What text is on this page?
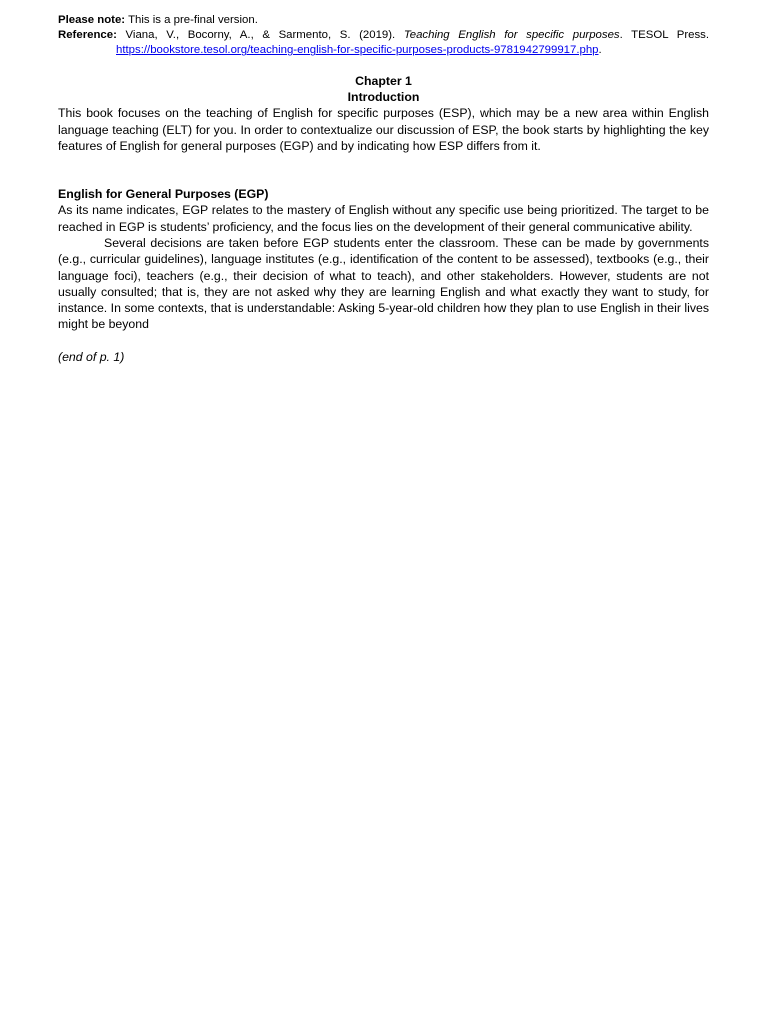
Please note: This is a pre-final version.
Reference: Viana, V., Bocorny, A., & Sarmento, S. (2019). Teaching English for specific purposes. TESOL Press. https://bookstore.tesol.org/teaching-english-for-specific-purposes-products-9781942799917.php.
Chapter 1
Introduction

This book focuses on the teaching of English for specific purposes (ESP), which may be a new area within English language teaching (ELT) for you. In order to contextualize our discussion of ESP, the book starts by highlighting the key features of English for general purposes (EGP) and by indicating how ESP differs from it.

English for General Purposes (EGP)

As its name indicates, EGP relates to the mastery of English without any specific use being prioritized. The target to be reached in EGP is students’ proficiency, and the focus lies on the development of their general communicative ability.

Several decisions are taken before EGP students enter the classroom. These can be made by governments (e.g., curricular guidelines), language institutes (e.g., identification of the content to be assessed), textbooks (e.g., their language foci), teachers (e.g., their decision of what to teach), and other stakeholders. However, students are not usually consulted; that is, they are not asked why they are learning English and what exactly they want to study, for instance. In some contexts, that is understandable: Asking 5-year-old children how they plan to use English in their lives might be beyond

(end of p. 1)
